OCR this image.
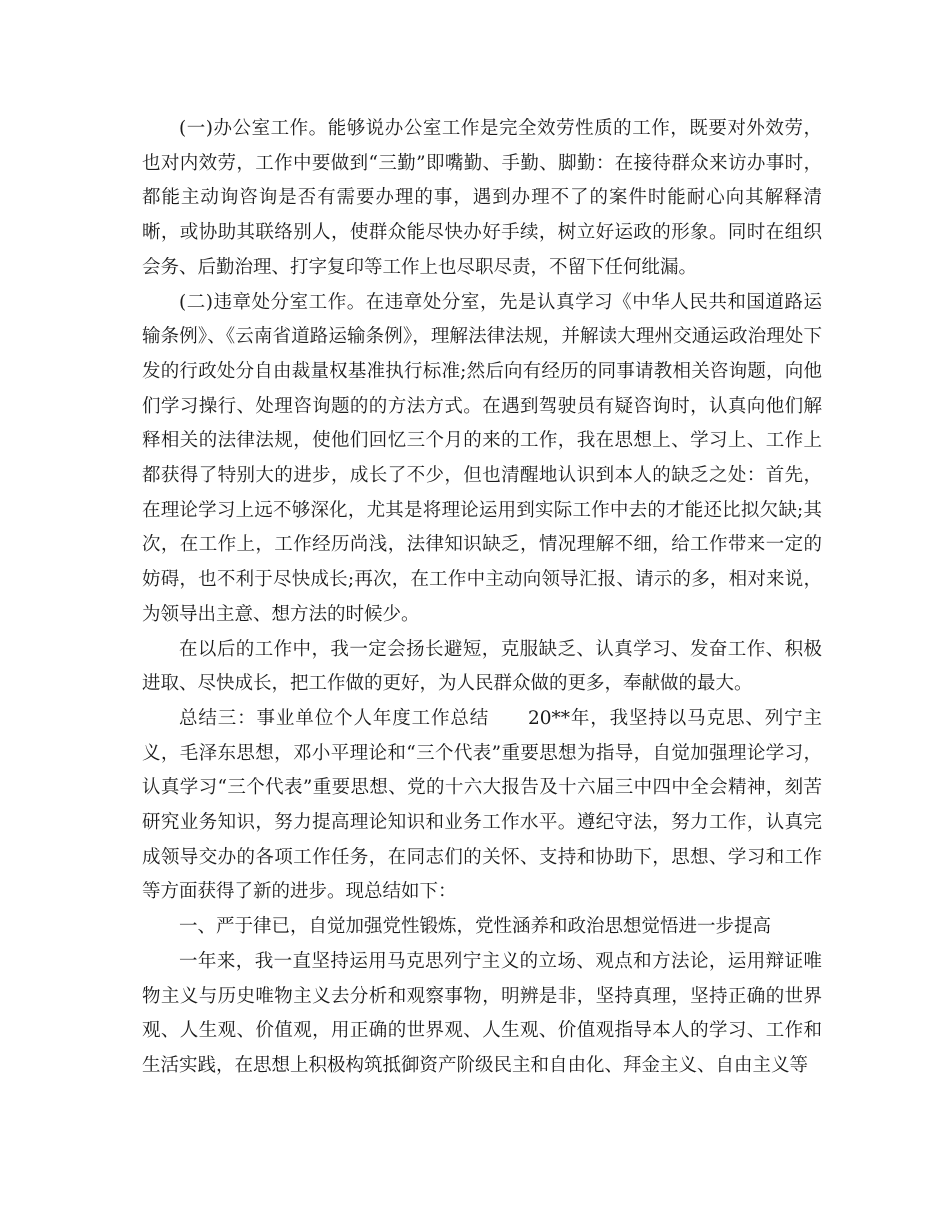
(一)办公室工作。能够说办公室工作是完全效劳性质的工作，既要对外效劳，也对内效劳，工作中要做到“三勤”即嘴勤、手勤、脚勤：在接待群众来访办事时，都能主动询咨询是否有需要办理的事，遇到办理不了的案件时能耐心向其解释清晰，或协助其联络别人，使群众能尽快办好手续，树立好运政的形象。同时在组织会务、后勤治理、打字复印等工作上也尽职尽责，不留下任何纰漏。

(二)违章处分室工作。在违章处分室，先是认真学习《中华人民共和国道路运输条例》、《云南省道路运输条例》，理解法律法规，并解读大理州交通运政治理处下发的行政处分自由裁量权基准执行标准;然后向有经历的同事请教相关咨询题，向他们学习操行、处理咨询题的的方法方式。在遇到驾驶员有疑咨询时，认真向他们解释相关的法律法规，使他们回忆三个月的来的工作，我在思想上、学习上、工作上都获得了特别大的进步，成长了不少，但也清醒地认识到本人的缺乏之处：首先，在理论学习上远不够深化，尤其是将理论运用到实际工作中去的才能还比拟欠缺;其次，在工作上，工作经历尚浅，法律知识缺乏，情况理解不细，给工作带来一定的妨碍，也不利于尽快成长;再次，在工作中主动向领导汇报、请示的多，相对来说，为领导出主意、想方法的时候少。

在以后的工作中，我一定会扬长避短，克服缺乏、认真学习、发奋工作、积极进取、尽快成长，把工作做的更好，为人民群众做的更多，奉献做的最大。

总结三：事业单位个人年度工作总结　　20**年，我坚持以马克思、列宁主义，毛泽东思想，邓小平理论和“三个代表”重要思想为指导，自觉加强理论学习，认真学习“三个代表”重要思想、党的十六大报告及十六届三中四中全会精神，刻苦研究业务知识，努力提高理论知识和业务工作水平。遵纪守法，努力工作，认真完成领导交办的各项工作任务，在同志们的关怀、支持和协助下，思想、学习和工作等方面获得了新的进步。现总结如下：

一、严于律已，自觉加强党性锻炼，党性涵养和政治思想觉悟进一步提高

一年来，我一直坚持运用马克思列宁主义的立场、观点和方法论，运用辩证唯物主义与历史唯物主义去分析和观察事物，明辨是非，坚持真理，坚持正确的世界观、人生观、价值观，用正确的世界观、人生观、价值观指导本人的学习、工作和生活实践，在思想上积极构筑抵御资产阶级民主和自由化、拜金主义、自由主义等
